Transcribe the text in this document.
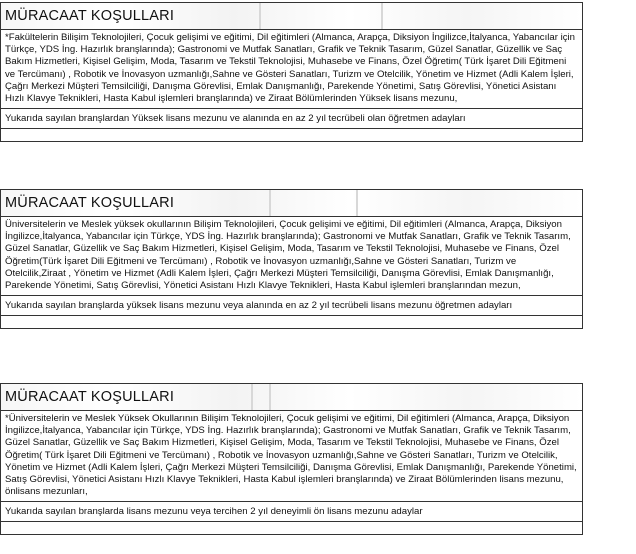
MÜRACAAT KOŞULLARI
*Fakültelerin Bilişim Teknolojileri, Çocuk gelişimi ve eğitimi, Dil eğitimleri (Almanca, Arapça, Diksiyon İngilizce,İtalyanca, Yabancılar için Türkçe, YDS İng. Hazırlık branşlarında); Gastronomi ve Mutfak Sanatları, Grafik ve Teknik Tasarım, Güzel Sanatlar, Güzellik ve Saç Bakım Hizmetleri, Kişisel Gelişim, Moda, Tasarım ve Tekstil Teknolojisi, Muhasebe ve Finans, Özel Öğretim( Türk İşaret Dili Eğitmeni ve Tercümanı) , Robotik ve İnovasyon uzmanlığı,Sahne ve Gösteri Sanatları, Turizm ve Otelcilik, Yönetim ve Hizmet (Adli Kalem İşleri, Çağrı Merkezi Müşteri Temsilciliği, Danışma Görevlisi, Emlak Danışmanlığı, Parekende Yönetimi, Satış Görevlisi, Yönetici Asistanı Hızlı Klavye Teknikleri, Hasta Kabul işlemleri branşlarında) ve Ziraat Bölümlerinden Yüksek lisans mezunu,
Yukarıda sayılan branşlardan Yüksek lisans mezunu ve alanında en az 2 yıl tecrübeli olan öğretmen adayları
MÜRACAAT KOŞULLARI
Üniversitelerin ve Meslek yüksek okullarının Bilişim Teknolojileri, Çocuk gelişimi ve eğitimi, Dil eğitimleri (Almanca, Arapça, Diksiyon İngilizce,İtalyanca, Yabancılar için Türkçe, YDS İng. Hazırlık branşlarında); Gastronomi ve Mutfak Sanatları, Grafik ve Teknik Tasarım, Güzel Sanatlar, Güzellik ve Saç Bakım Hizmetleri, Kişisel Gelişim, Moda, Tasarım ve Tekstil Teknolojisi, Muhasebe ve Finans, Özel Öğretim(Türk İşaret Dili Eğitmeni ve Tercümanı) , Robotik ve İnovasyon uzmanlığı,Sahne ve Gösteri Sanatları, Turizm ve Otelcilik,Ziraat , Yönetim ve Hizmet (Adli Kalem İşleri, Çağrı Merkezi Müşteri Temsilciliği, Danışma Görevlisi, Emlak Danışmanlığı, Parekende Yönetimi, Satış Görevlisi, Yönetici Asistanı Hızlı Klavye Teknikleri, Hasta Kabul işlemleri branşlarından mezun,
Yukarıda sayılan branşlarda yüksek lisans mezunu veya alanında en az 2 yıl tecrübeli lisans mezunu öğretmen adayları
MÜRACAAT KOŞULLARI
*Üniversitelerin ve Meslek Yüksek Okullarının Bilişim Teknolojileri, Çocuk gelişimi ve eğitimi, Dil eğitimleri (Almanca, Arapça, Diksiyon İngilizce,İtalyanca, Yabancılar için Türkçe, YDS İng. Hazırlık branşlarında); Gastronomi ve Mutfak Sanatları, Grafik ve Teknik Tasarım, Güzel Sanatlar, Güzellik ve Saç Bakım Hizmetleri, Kişisel Gelişim, Moda, Tasarım ve Tekstil Teknolojisi, Muhasebe ve Finans, Özel Öğretim( Türk İşaret Dili Eğitmeni ve Tercümanı) , Robotik ve İnovasyon uzmanlığı,Sahne ve Gösteri Sanatları, Turizm ve Otelcilik, Yönetim ve Hizmet (Adli Kalem İşleri, Çağrı Merkezi Müşteri Temsilciliği, Danışma Görevlisi, Emlak Danışmanlığı, Parekende Yönetimi, Satış Görevlisi, Yönetici Asistanı Hızlı Klavye Teknikleri, Hasta Kabul işlemleri branşlarında) ve Ziraat Bölümlerinden lisans mezunu, önlisans mezunları,
Yukarıda sayılan branşlarda lisans mezunu veya tercihen 2 yıl deneyimli ön lisans mezunu adaylar
